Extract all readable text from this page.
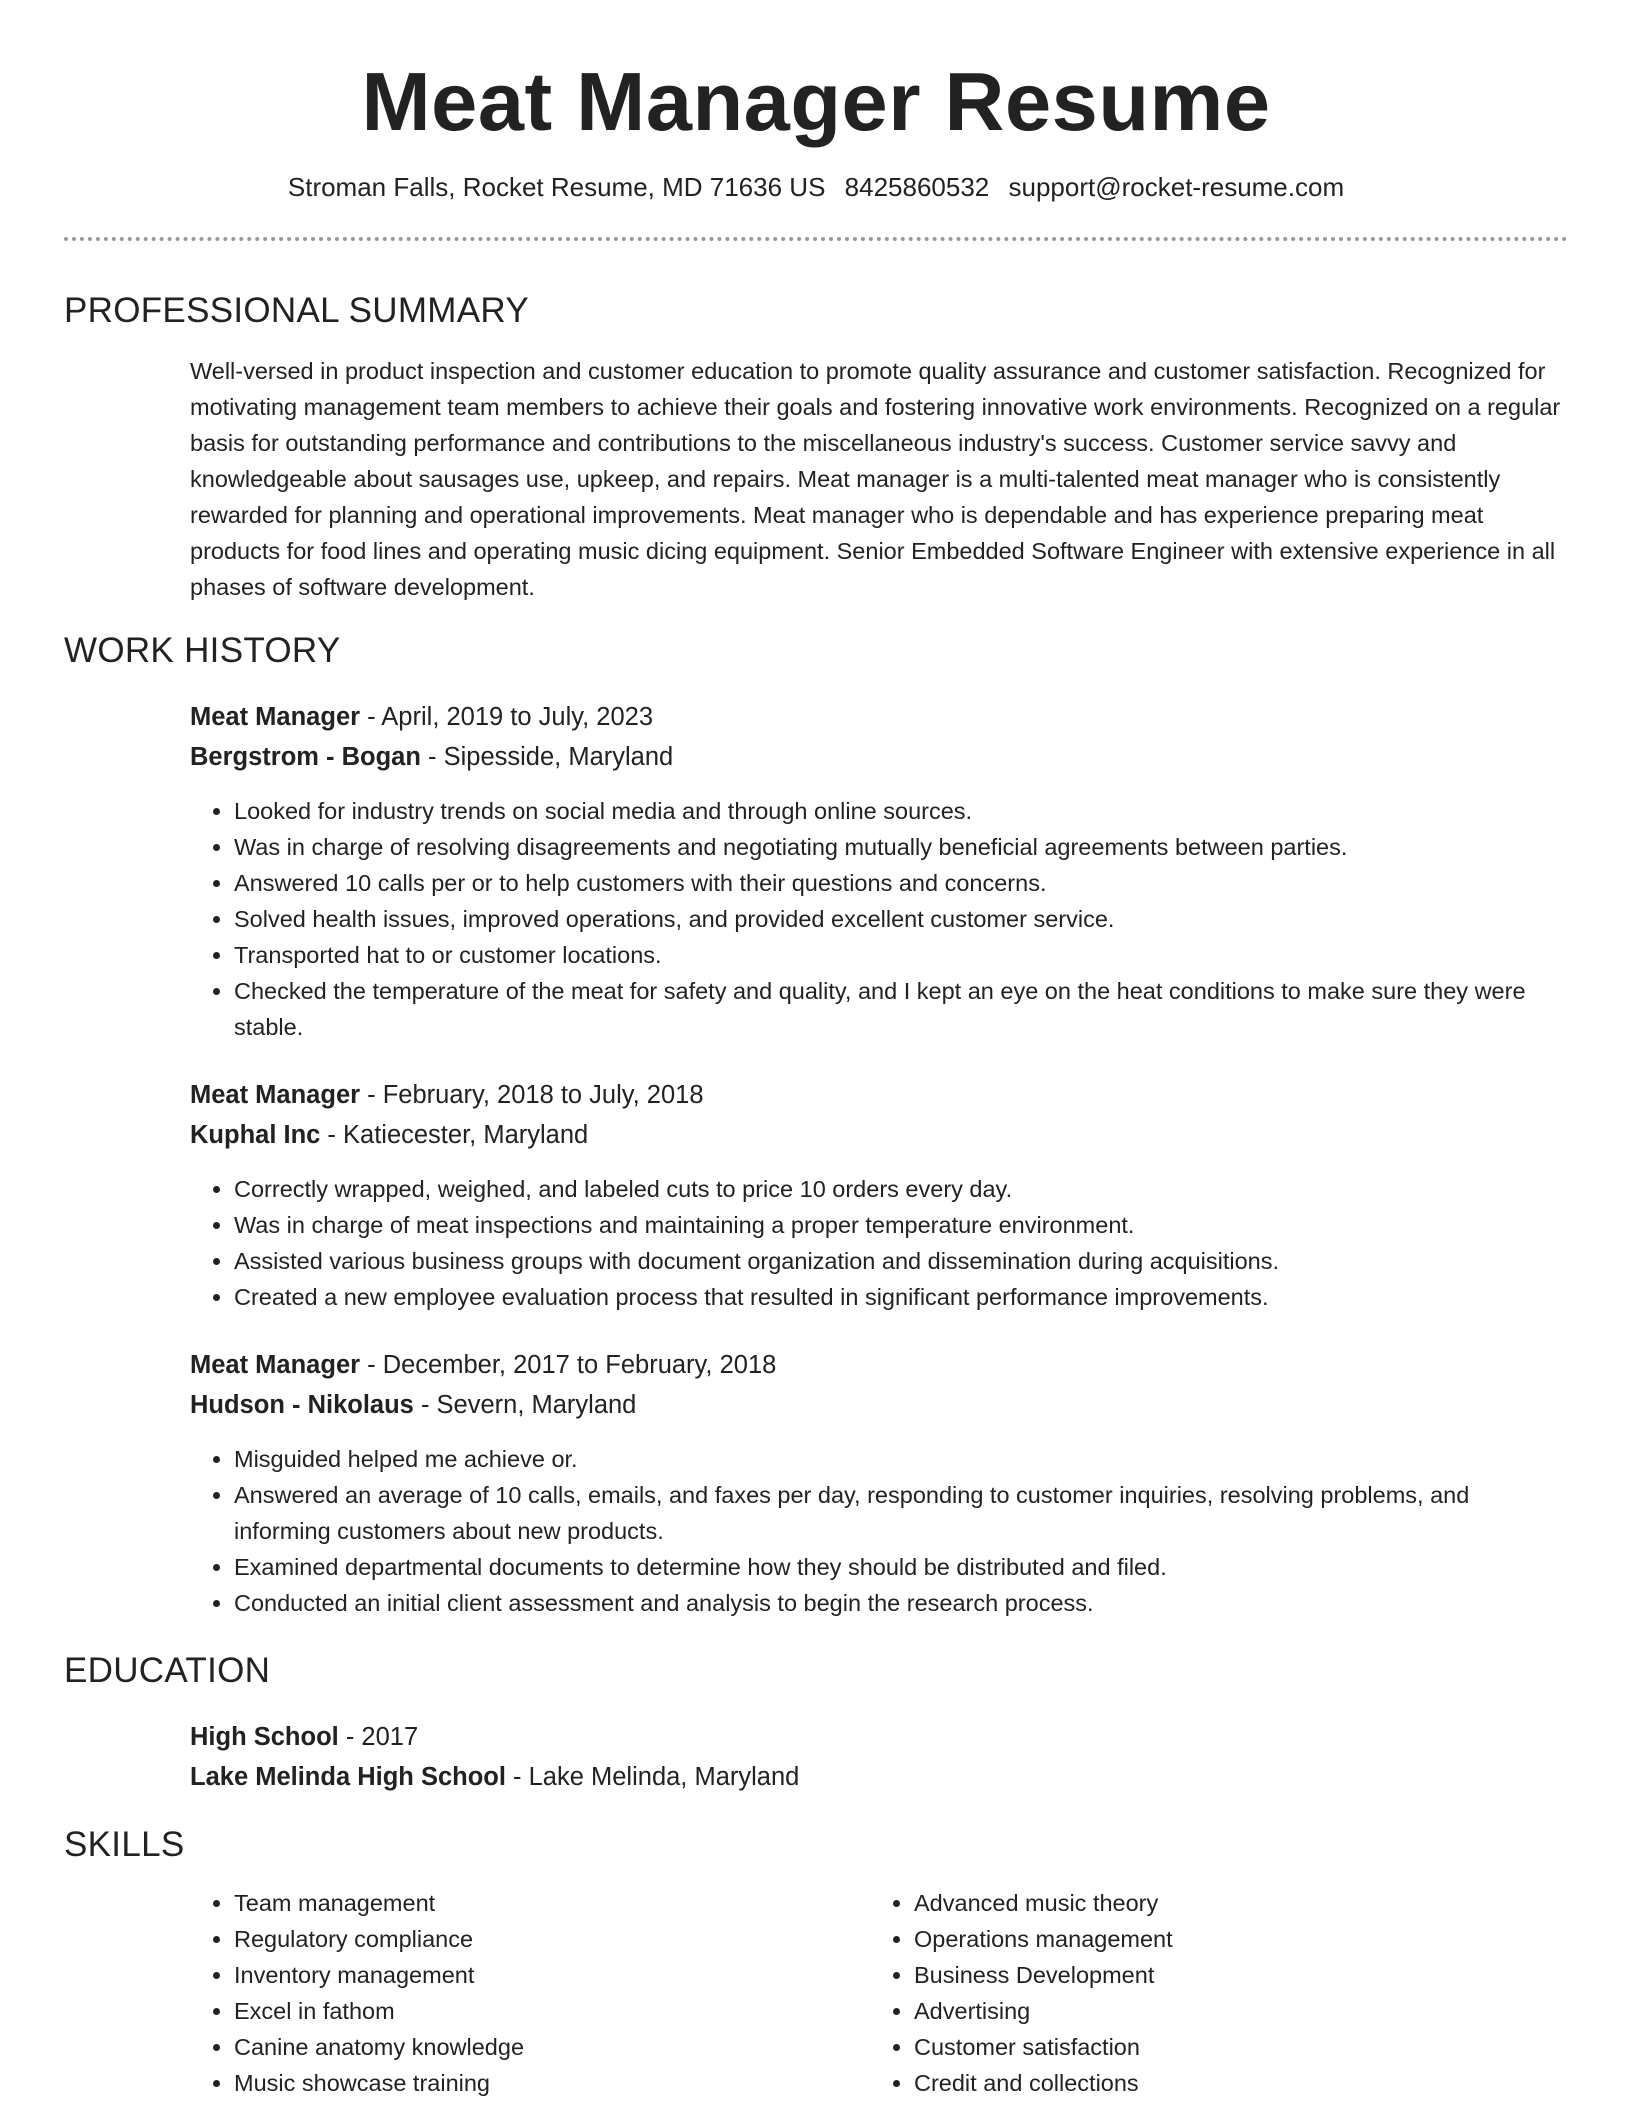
Meat Manager Resume
Stroman Falls, Rocket Resume, MD 71636 US 8425860532 support@rocket-resume.com
PROFESSIONAL SUMMARY

Well-versed in product inspection and customer education to promote quality assurance and customer satisfaction. Recognized for motivating management team members to achieve their goals and fostering innovative work environments. Recognized on a regular basis for outstanding performance and contributions to the miscellaneous industry's success. Customer service savvy and knowledgeable about sausages use, upkeep, and repairs. Meat manager is a multi-talented meat manager who is consistently rewarded for planning and operational improvements. Meat manager who is dependable and has experience preparing meat products for food lines and operating music dicing equipment. Senior Embedded Software Engineer with extensive experience in all phases of software development.

WORK HISTORY
Meat Manager - April, 2019 to July, 2023
Bergstrom - Bogan - Sipesside, Maryland
• Looked for industry trends on social media and through online sources.
• Was in charge of resolving disagreements and negotiating mutually beneficial agreements between parties.
• Answered 10 calls per or to help customers with their questions and concerns.
• Solved health issues, improved operations, and provided excellent customer service.
• Transported hat to or customer locations.
• Checked the temperature of the meat for safety and quality, and I kept an eye on the heat conditions to make sure they were stable.
Meat Manager - February, 2018 to July, 2018
Kuphal Inc - Katiecester, Maryland
• Correctly wrapped, weighed, and labeled cuts to price 10 orders every day.
• Was in charge of meat inspections and maintaining a proper temperature environment.
• Assisted various business groups with document organization and dissemination during acquisitions.
• Created a new employee evaluation process that resulted in significant performance improvements.
Meat Manager - December, 2017 to February, 2018
Hudson - Nikolaus - Severn, Maryland
• Misguided helped me achieve or.
• Answered an average of 10 calls, emails, and faxes per day, responding to customer inquiries, resolving problems, and informing customers about new products.
• Examined departmental documents to determine how they should be distributed and filed.
• Conducted an initial client assessment and analysis to begin the research process.
EDUCATION
High School - 2017
Lake Melinda High School - Lake Melinda, Maryland
SKILLS
• Team management
• Regulatory compliance
• Inventory management
• Excel in fathom
• Canine anatomy knowledge
• Music showcase training
• Advanced music theory
• Operations management
• Business Development
• Advertising
• Customer satisfaction
• Credit and collections
